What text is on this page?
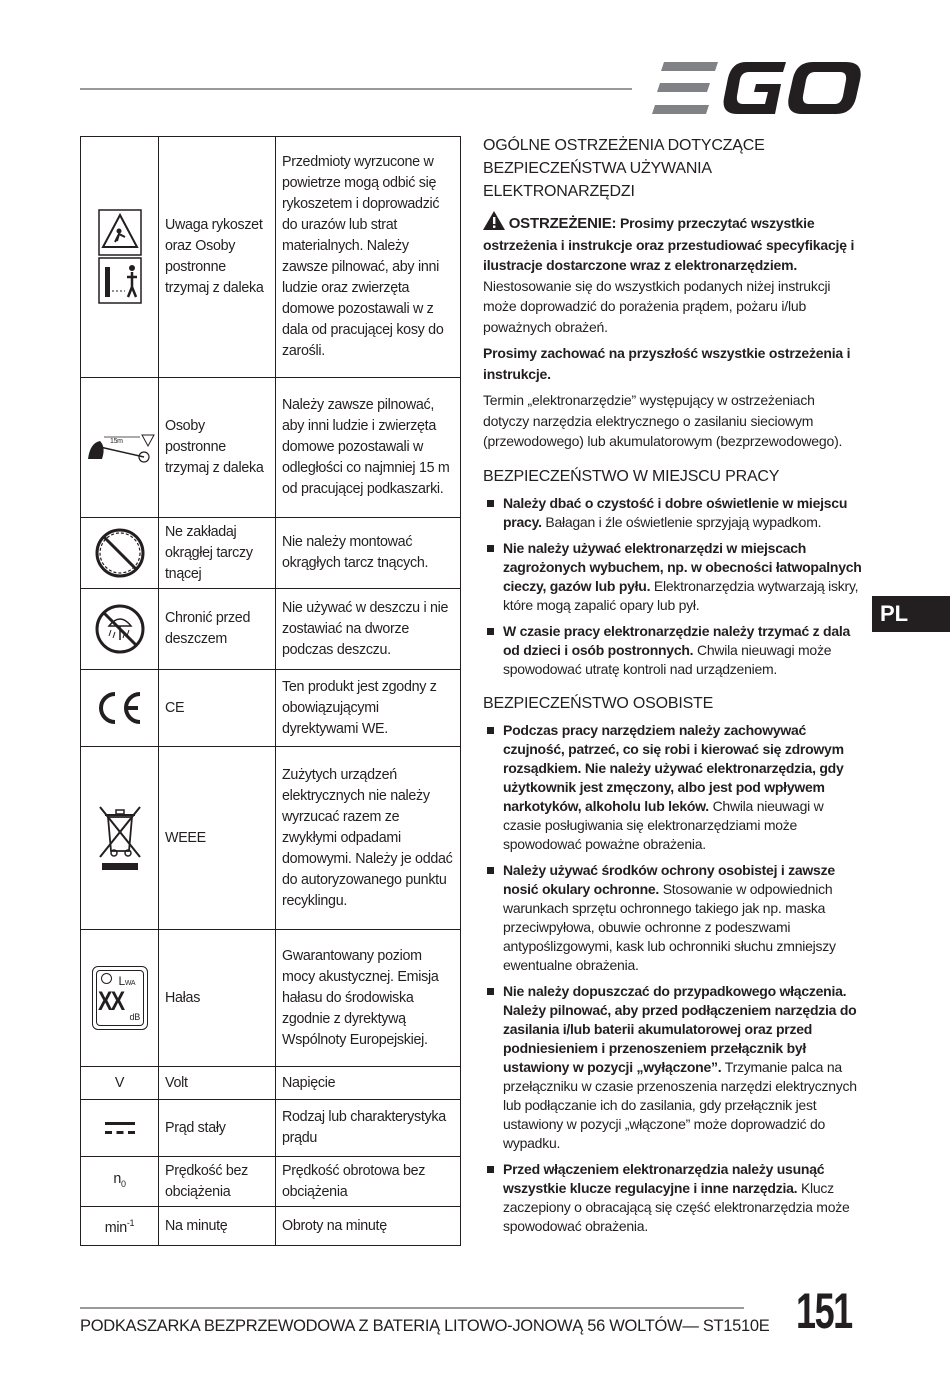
	Uwaga rykoszet oraz Osoby postronne trzymaj z daleka	Przedmioty wyrzucone w powietrze mogą odbić się rykoszetem i doprowadzić do urazów lub strat materialnych. Należy zawsze pilnować, aby inni ludzie oraz zwierzęta domowe pozostawali w z dala od pracującej kosy do zarośli.

15m	Osoby postronne trzymaj z daleka	Należy zawsze pilnować, aby inni ludzie i zwierzęta domowe pozostawali w odległości co najmniej 15 m od pracującej podkaszarki.

	Ne zakładaj okrągłej tarczy tnącej	Nie należy montować okrągłych tarcz tnących.

	Chronić przed deszczem	Nie używać w deszczu i nie zostawiać na dworze podczas deszczu.

	CE	Ten produkt jest zgodny z obowiązującymi dyrektywami WE.

	WEEE	Zużytych urządzeń elektrycznych nie należy wyrzucać razem ze zwykłymi odpadami domowymi. Należy je oddać do autoryzowanego punktu recyklingu.

LWA
XX
dB	Hałas	Gwarantowany poziom mocy akustycznej. Emisja hałasu do środowiska zgodnie z dyrektywą Wspólnoty Europejskiej.
V	Volt	Napięcie

	Prąd stały	Rodzaj lub charakterystyka prądu
$n_0$	Prędkość bez obciążenia	Prędkość obrotowa bez obciążenia
$\min^{-1}$	Na minutę	Obroty na minutę
OGÓLNE OSTRZEŻENIA DOTYCZĄCE BEZPIECZEŃSTWA UŻYWANIA ELEKTRONARZĘDZI

OSTRZEŻENIE: Prosimy przeczytać wszystkie ostrzeżenia i instrukcje oraz przestudiować specyfikację i ilustracje dostarczone wraz z elektronarzędziem. Niestosowanie się do wszystkich podanych niżej instrukcji może doprowadzić do porażenia prądem, pożaru i/lub poważnych obrażeń.

Prosimy zachować na przyszłość wszystkie ostrzeżenia i instrukcje.

Termin „elektronarzędzie” występujący w ostrzeżeniach dotyczy narzędzia elektrycznego o zasilaniu sieciowym (przewodowego) lub akumulatorowym (bezprzewodowego).

BEZPIECZEŃSTWO W MIEJSCU PRACY
Należy dbać o czystość i dobre oświetlenie w miejscu pracy. Bałagan i źle oświetlenie sprzyjają wypadkom.
Nie należy używać elektronarzędzi w miejscach zagrożonych wybuchem, np. w obecności łatwopalnych cieczy, gazów lub pyłu. Elektronarzędzia wytwarzają iskry, które mogą zapalić opary lub pył.
W czasie pracy elektronarzędzie należy trzymać z dala od dzieci i osób postronnych. Chwila nieuwagi może spowodować utratę kontroli nad urządzeniem.
BEZPIECZEŃSTWO OSOBISTE
Podczas pracy narzędziem należy zachowywać czujność, patrzeć, co się robi i kierować się zdrowym rozsądkiem. Nie należy używać elektronarzędzia, gdy użytkownik jest zmęczony, albo jest pod wpływem narkotyków, alkoholu lub leków. Chwila nieuwagi w czasie posługiwania się elektronarzędziami może spowodować poważne obrażenia.
Należy używać środków ochrony osobistej i zawsze nosić okulary ochronne. Stosowanie w odpowiednich warunkach sprzętu ochronnego takiego jak np. maska przeciwpyłowa, obuwie ochronne z podeszwami antypoślizgowymi, kask lub ochronniki słuchu zmniejszy ewentualne obrażenia.
Nie należy dopuszczać do przypadkowego włączenia. Należy pilnować, aby przed podłączeniem narzędzia do zasilania i/lub baterii akumulatorowej oraz przed podniesieniem i przenoszeniem przełącznik był ustawiony w pozycji „wyłączone”. Trzymanie palca na przełączniku w czasie przenoszenia narzędzi elektrycznych lub podłączanie ich do zasilania, gdy przełącznik jest ustawiony w pozycji „włączone” może doprowadzić do wypadku.
Przed włączeniem elektronarzędzia należy usunąć wszystkie klucze regulacyjne i inne narzędzia. Klucz zaczepiony o obracającą się część elektronarzędzia może spowodować obrażenia.
PL
PODKASZARKA BEZPRZEWODOWA Z BATERIĄ LITOWO-JONOWĄ 56 WOLTÓW— ST1510E 151
